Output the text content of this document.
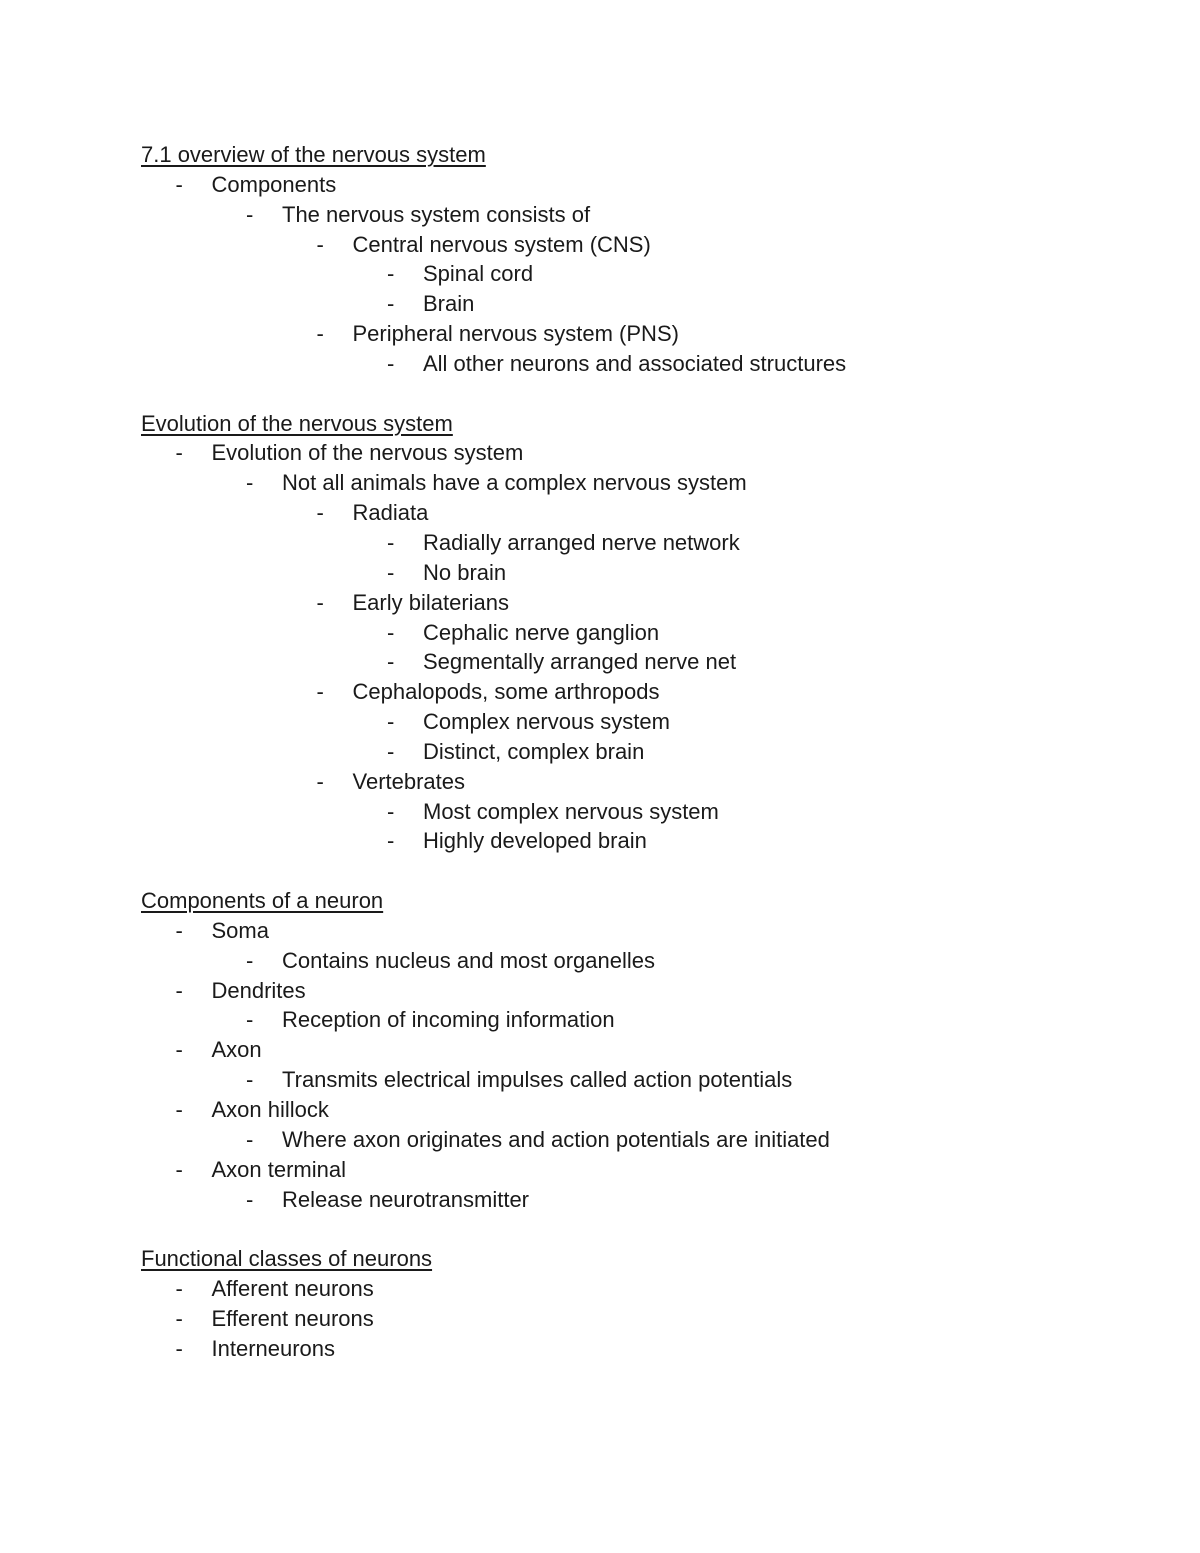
7.1 overview of the nervous system
- Components
- The nervous system consists of
- Central nervous system (CNS)
- Spinal cord
- Brain
- Peripheral nervous system (PNS)
- All other neurons and associated structures
Evolution of the nervous system
- Evolution of the nervous system
- Not all animals have a complex nervous system
- Radiata
- Radially arranged nerve network
- No brain
- Early bilaterians
- Cephalic nerve ganglion
- Segmentally arranged nerve net
- Cephalopods, some arthropods
- Complex nervous system
- Distinct, complex brain
- Vertebrates
- Most complex nervous system
- Highly developed brain
Components of a neuron
- Soma
- Contains nucleus and most organelles
- Dendrites
- Reception of incoming information
- Axon
- Transmits electrical impulses called action potentials
- Axon hillock
- Where axon originates and action potentials are initiated
- Axon terminal
- Release neurotransmitter
Functional classes of neurons
- Afferent neurons
- Efferent neurons
- Interneurons
